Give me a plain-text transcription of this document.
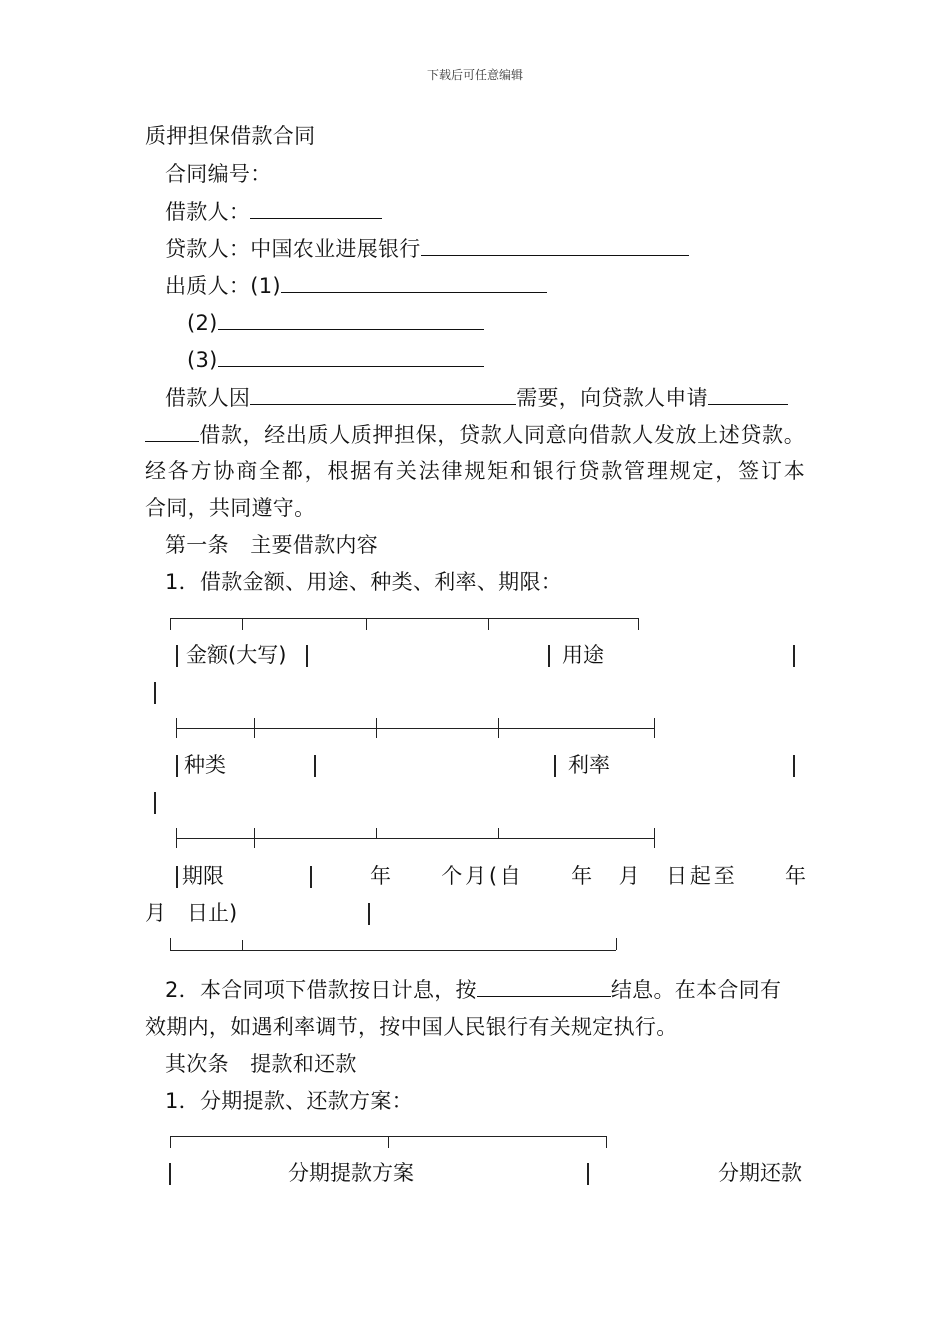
下载后可任意编辑
质押担保借款合同
合同编号：
借款人：
贷款人：中国农业进展银行
出质人：(1)
(2)
(3)
借款人因	需要，向贷款人申请
借款，经出质人质押担保，贷款人同意向借款人发放上述贷款。
经各方协商全都，根据有关法律规矩和银行贷款管理规定，签订本
合同，共同遵守。
第一条　主要借款内容
1．借款金额、用途、种类、利率、期限：
金额(大写)	用途
种类	利率
期限	年　　个月(自　　年　月　日起至　　年
月　日止)
2．本合同项下借款按日计息，按	结息。在本合同有
效期内，如遇利率调节，按中国人民银行有关规定执行。
其次条　提款和还款
1．分期提款、还款方案：
分期提款方案	分期还款
